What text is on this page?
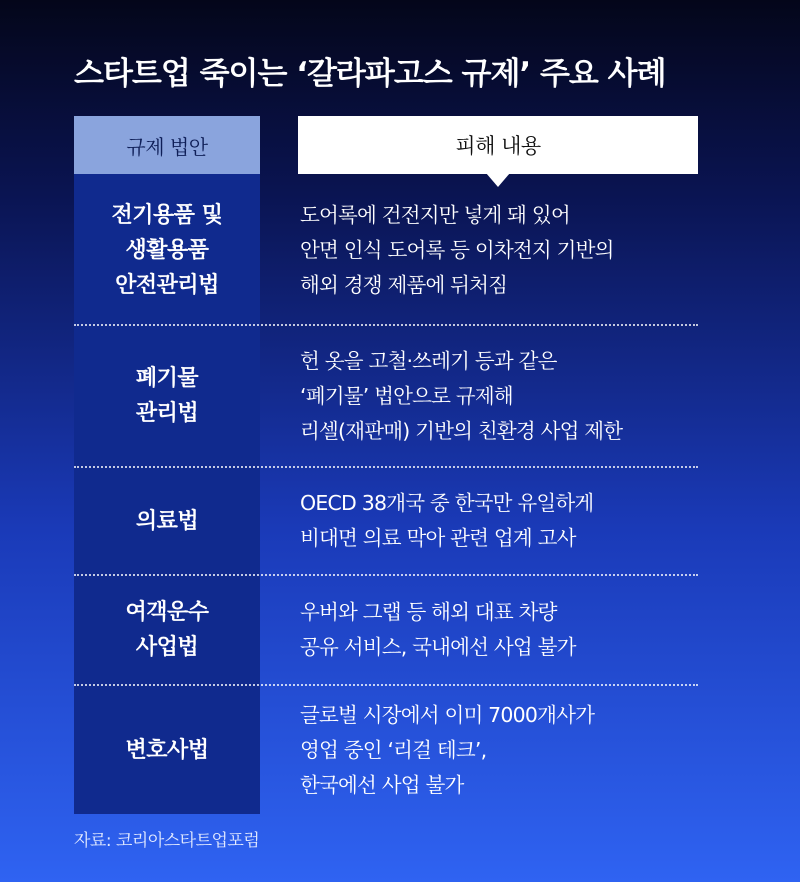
스타트업 죽이는 ‘갈라파고스 규제’ 주요 사례
규제 법안	피해 내용
전기용품 및
생활용품
안전관리법
도어록에 건전지만 넣게 돼 있어
안면 인식 도어록 등 이차전지 기반의
해외 경쟁 제품에 뒤처짐
폐기물
관리법
헌 옷을 고철·쓰레기 등과 같은
‘폐기물’ 법안으로 규제해
리셀(재판매) 기반의 친환경 사업 제한
의료법
OECD 38개국 중 한국만 유일하게
비대면 의료 막아 관련 업계 고사
여객운수
사업법
우버와 그랩 등 해외 대표 차량
공유 서비스, 국내에선 사업 불가
변호사법
글로벌 시장에서 이미 7000개사가
영업 중인 ‘리걸 테크’,
한국에선 사업 불가
자료: 코리아스타트업포럼
